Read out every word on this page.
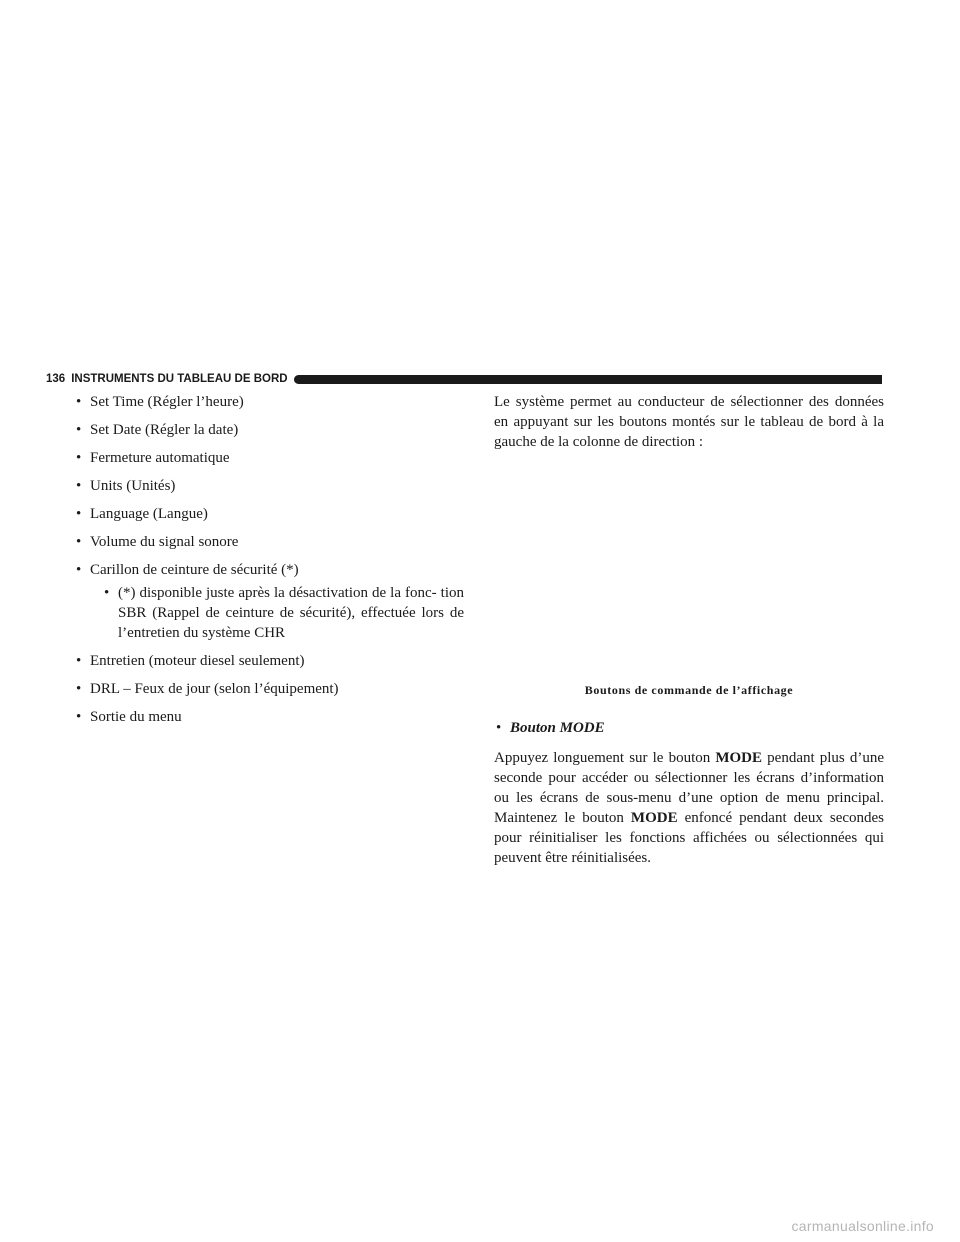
136 INSTRUMENTS DU TABLEAU DE BORD
• Set Time (Régler l’heure)
• Set Date (Régler la date)
• Fermeture automatique
• Units (Unités)
• Language (Langue)
• Volume du signal sonore
• Carillon de ceinture de sécurité (*)
• (*) disponible juste après la désactivation de la fonc- tion SBR (Rappel de ceinture de sécurité), effectuée lors de l’entretien du système CHR
• Entretien (moteur diesel seulement)
• DRL – Feux de jour (selon l’équipement)
• Sortie du menu

Le système permet au conducteur de sélectionner des données en appuyant sur les boutons montés sur le tableau de bord à la gauche de la colonne de direction :

Boutons de commande de l’affichage

• Bouton MODE

Appuyez longuement sur le bouton MODE pendant plus d’une seconde pour accéder ou sélectionner les écrans d’information ou les écrans de sous-menu d’une option de menu principal. Maintenez le bouton MODE enfoncé pendant deux secondes pour réinitialiser les fonctions affichées ou sélectionnées qui peuvent être réinitialisées.

carmanualsonline.info
